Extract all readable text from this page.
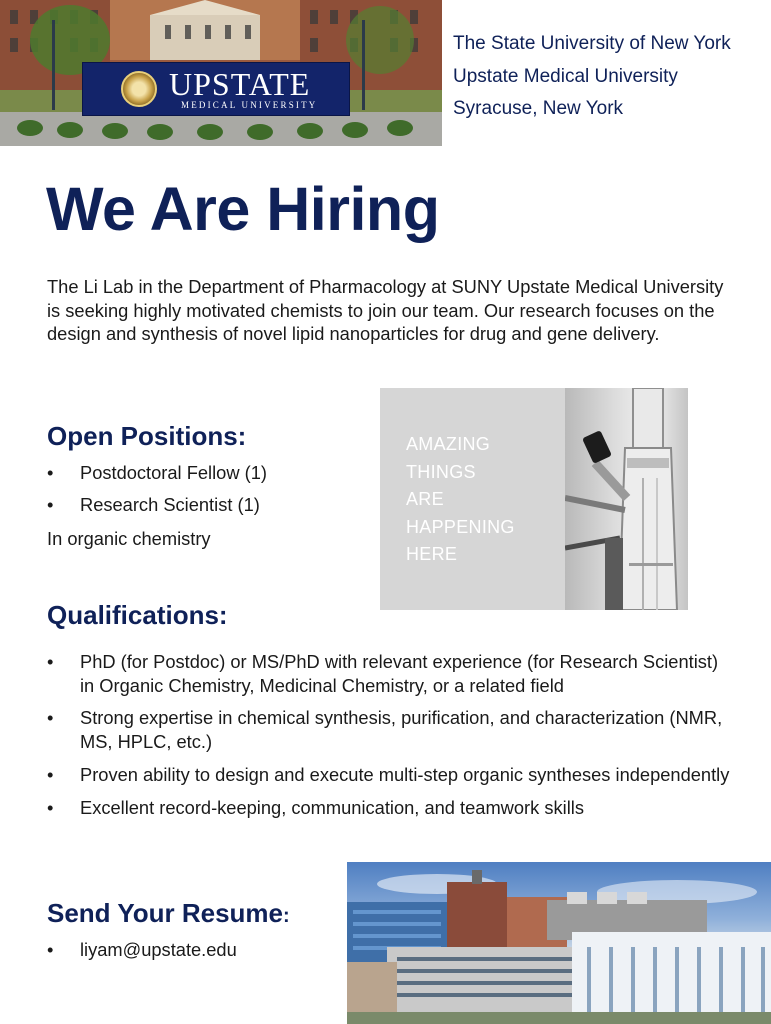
UPSTATE
MEDICAL UNIVERSITY
The State University of New York
Upstate Medical University
Syracuse, New York
We Are Hiring

The Li Lab in the Department of Pharmacology at SUNY Upstate Medical University is seeking highly motivated chemists to join our team. Our research focuses on the design and synthesis of novel lipid nanoparticles for drug and gene delivery.

Open Positions:
• Postdoctoral Fellow (1)
• Research Scientist (1)

In organic chemistry

AMAZING
THINGS
ARE
HAPPENING
HERE
Qualifications:
• PhD (for Postdoc) or MS/PhD with relevant experience (for Research Scientist) in Organic Chemistry, Medicinal Chemistry, or a related field
• Strong expertise in chemical synthesis, purification, and characterization (NMR, MS, HPLC, etc.)
• Proven ability to design and execute multi-step organic syntheses independently
• Excellent record-keeping, communication, and teamwork skills
Send Your Resume:
• liyam@upstate.edu
